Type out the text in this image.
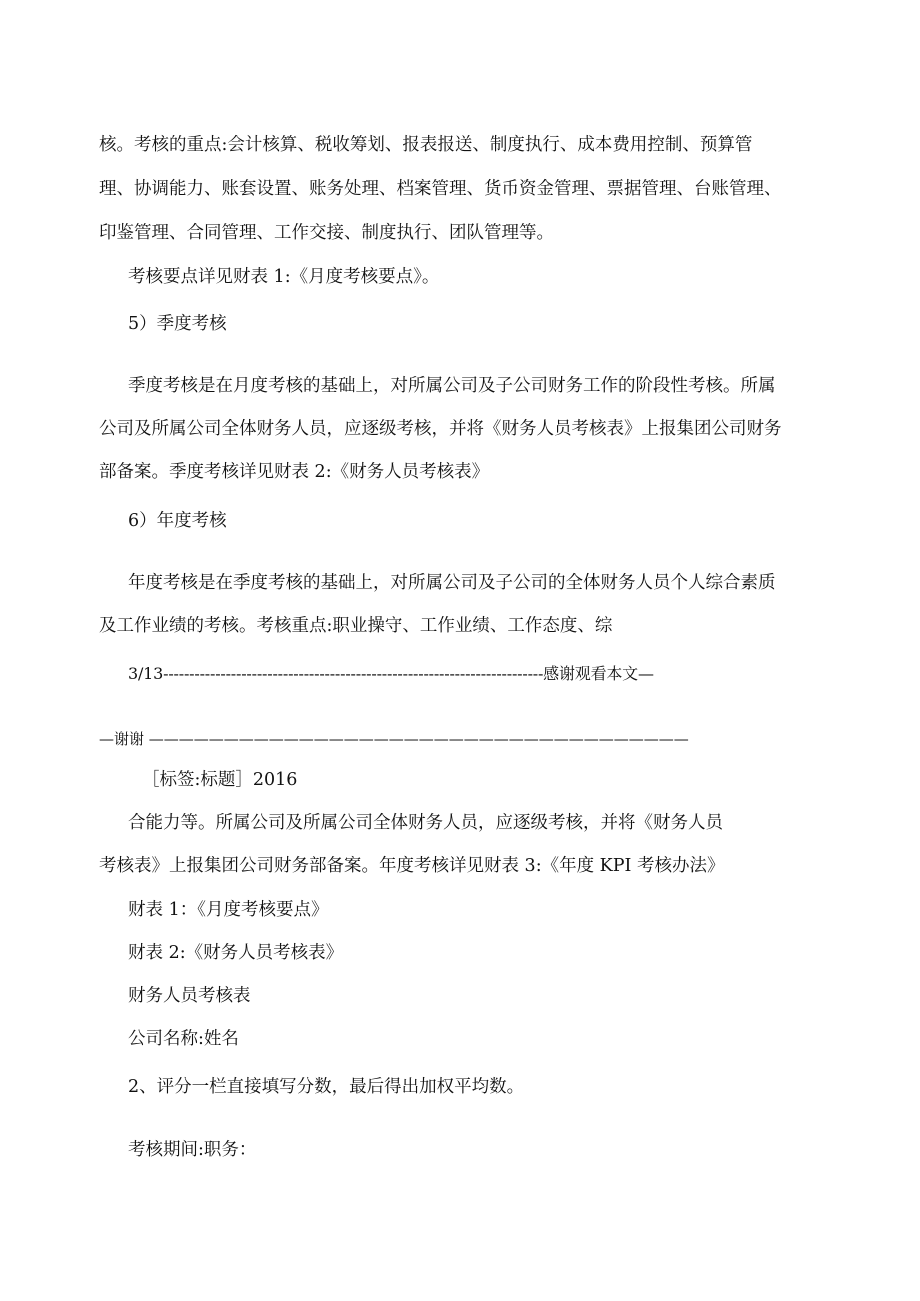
核。考核的重点:会计核算、税收筹划、报表报送、制度执行、成本费用控制、预算管

理、协调能力、账套设置、账务处理、档案管理、货币资金管理、票据管理、台账管理、

印鉴管理、合同管理、工作交接、制度执行、团队管理等。

考核要点详见财表 1:《月度考核要点》。

5）季度考核

季度考核是在月度考核的基础上，对所属公司及子公司财务工作的阶段性考核。所属

公司及所属公司全体财务人员，应逐级考核，并将《财务人员考核表》上报集团公司财务

部备案。季度考核详见财表 2:《财务人员考核表》

6）年度考核

年度考核是在季度考核的基础上，对所属公司及子公司的全体财务人员个人综合素质

及工作业绩的考核。考核重点:职业操守、工作业绩、工作态度、综

3/13-------------------------------------------------------------------------感谢观看本文—

—谢谢 ————————————————————————————————————

［标签:标题］2016

合能力等。所属公司及所属公司全体财务人员，应逐级考核，并将《财务人员

考核表》上报集团公司财务部备案。年度考核详见财表 3:《年度 KPI 考核办法》

财表 1：《月度考核要点》

财表 2:《财务人员考核表》

财务人员考核表

公司名称:姓名

2、评分一栏直接填写分数，最后得出加权平均数。

考核期间:职务：
